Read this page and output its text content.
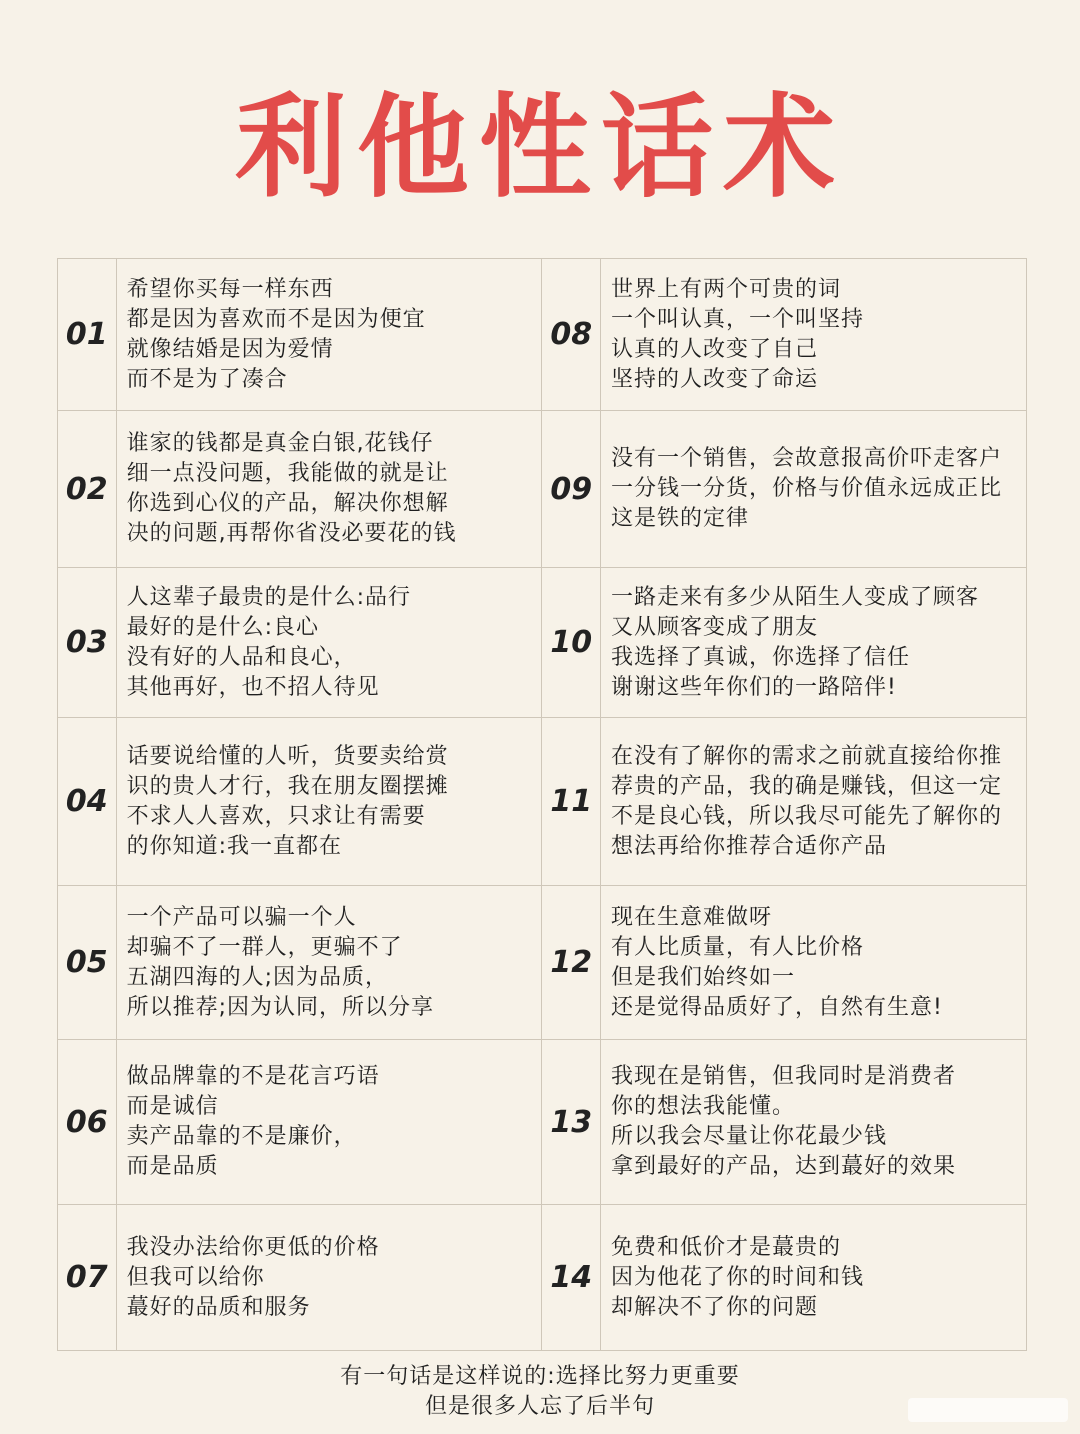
利他性话术
01	希望你买每一样东西
都是因为喜欢而不是因为便宜
就像结婚是因为爱情
而不是为了凑合	08	世界上有两个可贵的词
一个叫认真，一个叫坚持
认真的人改变了自己
坚持的人改变了命运

02	谁家的钱都是真金白银,花钱仔
细一点没问题，我能做的就是让
你选到心仪的产品，解决你想解
决的问题,再帮你省没必要花的钱	09	没有一个销售，会故意报高价吓走客户
一分钱一分货，价格与价值永远成正比
这是铁的定律

03	人这辈子最贵的是什么:品行
最好的是什么:良心
没有好的人品和良心，
其他再好，也不招人待见	10	一路走来有多少从陌生人变成了顾客
又从顾客变成了朋友
我选择了真诚，你选择了信任
谢谢这些年你们的一路陪伴!

04	话要说给懂的人听，货要卖给赏
识的贵人才行，我在朋友圈摆摊
不求人人喜欢，只求让有需要
的你知道:我一直都在	11	在没有了解你的需求之前就直接给你推
荐贵的产品，我的确是赚钱，但这一定
不是良心钱，所以我尽可能先了解你的
想法再给你推荐合适你产品

05	一个产品可以骗一个人
却骗不了一群人，更骗不了
五湖四海的人;因为品质，
所以推荐;因为认同，所以分享	12	现在生意难做呀
有人比质量，有人比价格
但是我们始终如一
还是觉得品质好了，自然有生意!

06	做品牌靠的不是花言巧语
而是诚信
卖产品靠的不是廉价，
而是品质	13	我现在是销售，但我同时是消费者
你的想法我能懂。
所以我会尽量让你花最少钱
拿到最好的产品，达到蕞好的效果

07	我没办法给你更低的价格
但我可以给你
蕞好的品质和服务	14	免费和低价才是蕞贵的
因为他花了你的时间和钱
却解决不了你的问题
有一句话是这样说的:选择比努力更重要
但是很多人忘了后半句
